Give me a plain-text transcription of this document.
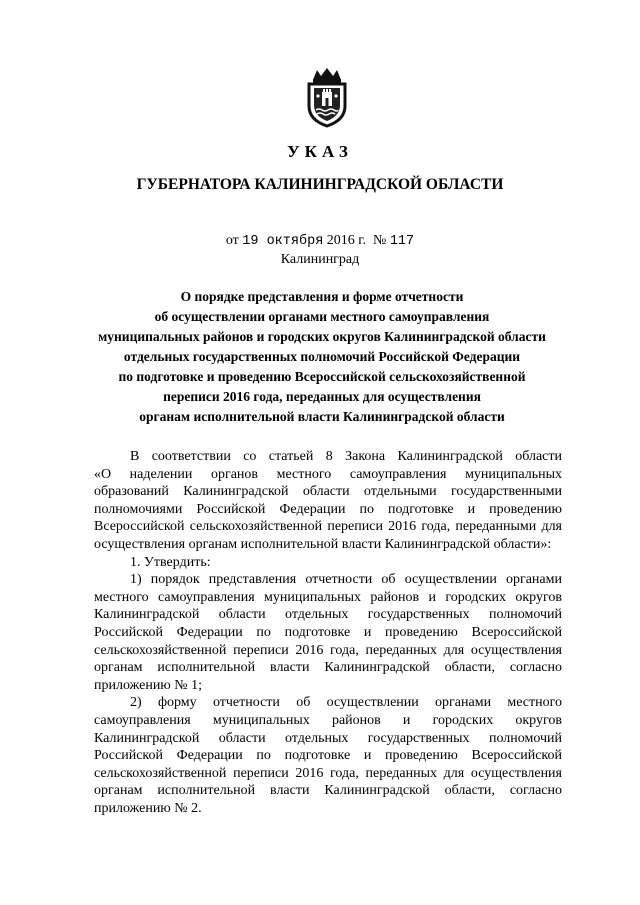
УКАЗ
ГУБЕРНАТОРА КАЛИНИНГРАДСКОЙ ОБЛАСТИ
от 19 октября 2016 г. № 117
Калининград
О порядке представления и форме отчетности
об осуществлении органами местного самоуправления
муниципальных районов и городских округов Калининградской области
отдельных государственных полномочий Российской Федерации
по подготовке и проведению Всероссийской сельскохозяйственной
переписи 2016 года, переданных для осуществления
органам исполнительной власти Калининградской области
В соответствии со статьей 8 Закона Калининградской области
«О наделении органов местного самоуправления муниципальных
образований Калининградской области отдельными государственными
полномочиями Российской Федерации по подготовке и проведению
Всероссийской сельскохозяйственной переписи 2016 года, переданными для
осуществления органам исполнительной власти Калининградской области»:
1. Утвердить:
1) порядок представления отчетности об осуществлении органами
местного самоуправления муниципальных районов и городских округов
Калининградской области отдельных государственных полномочий
Российской Федерации по подготовке и проведению Всероссийской
сельскохозяйственной переписи 2016 года, переданных для осуществления
органам исполнительной власти Калининградской области, согласно
приложению № 1;
2) форму отчетности об осуществлении органами местного
самоуправления муниципальных районов и городских округов
Калининградской области отдельных государственных полномочий
Российской Федерации по подготовке и проведению Всероссийской
сельскохозяйственной переписи 2016 года, переданных для осуществления
органам исполнительной власти Калининградской области, согласно
приложению № 2.
